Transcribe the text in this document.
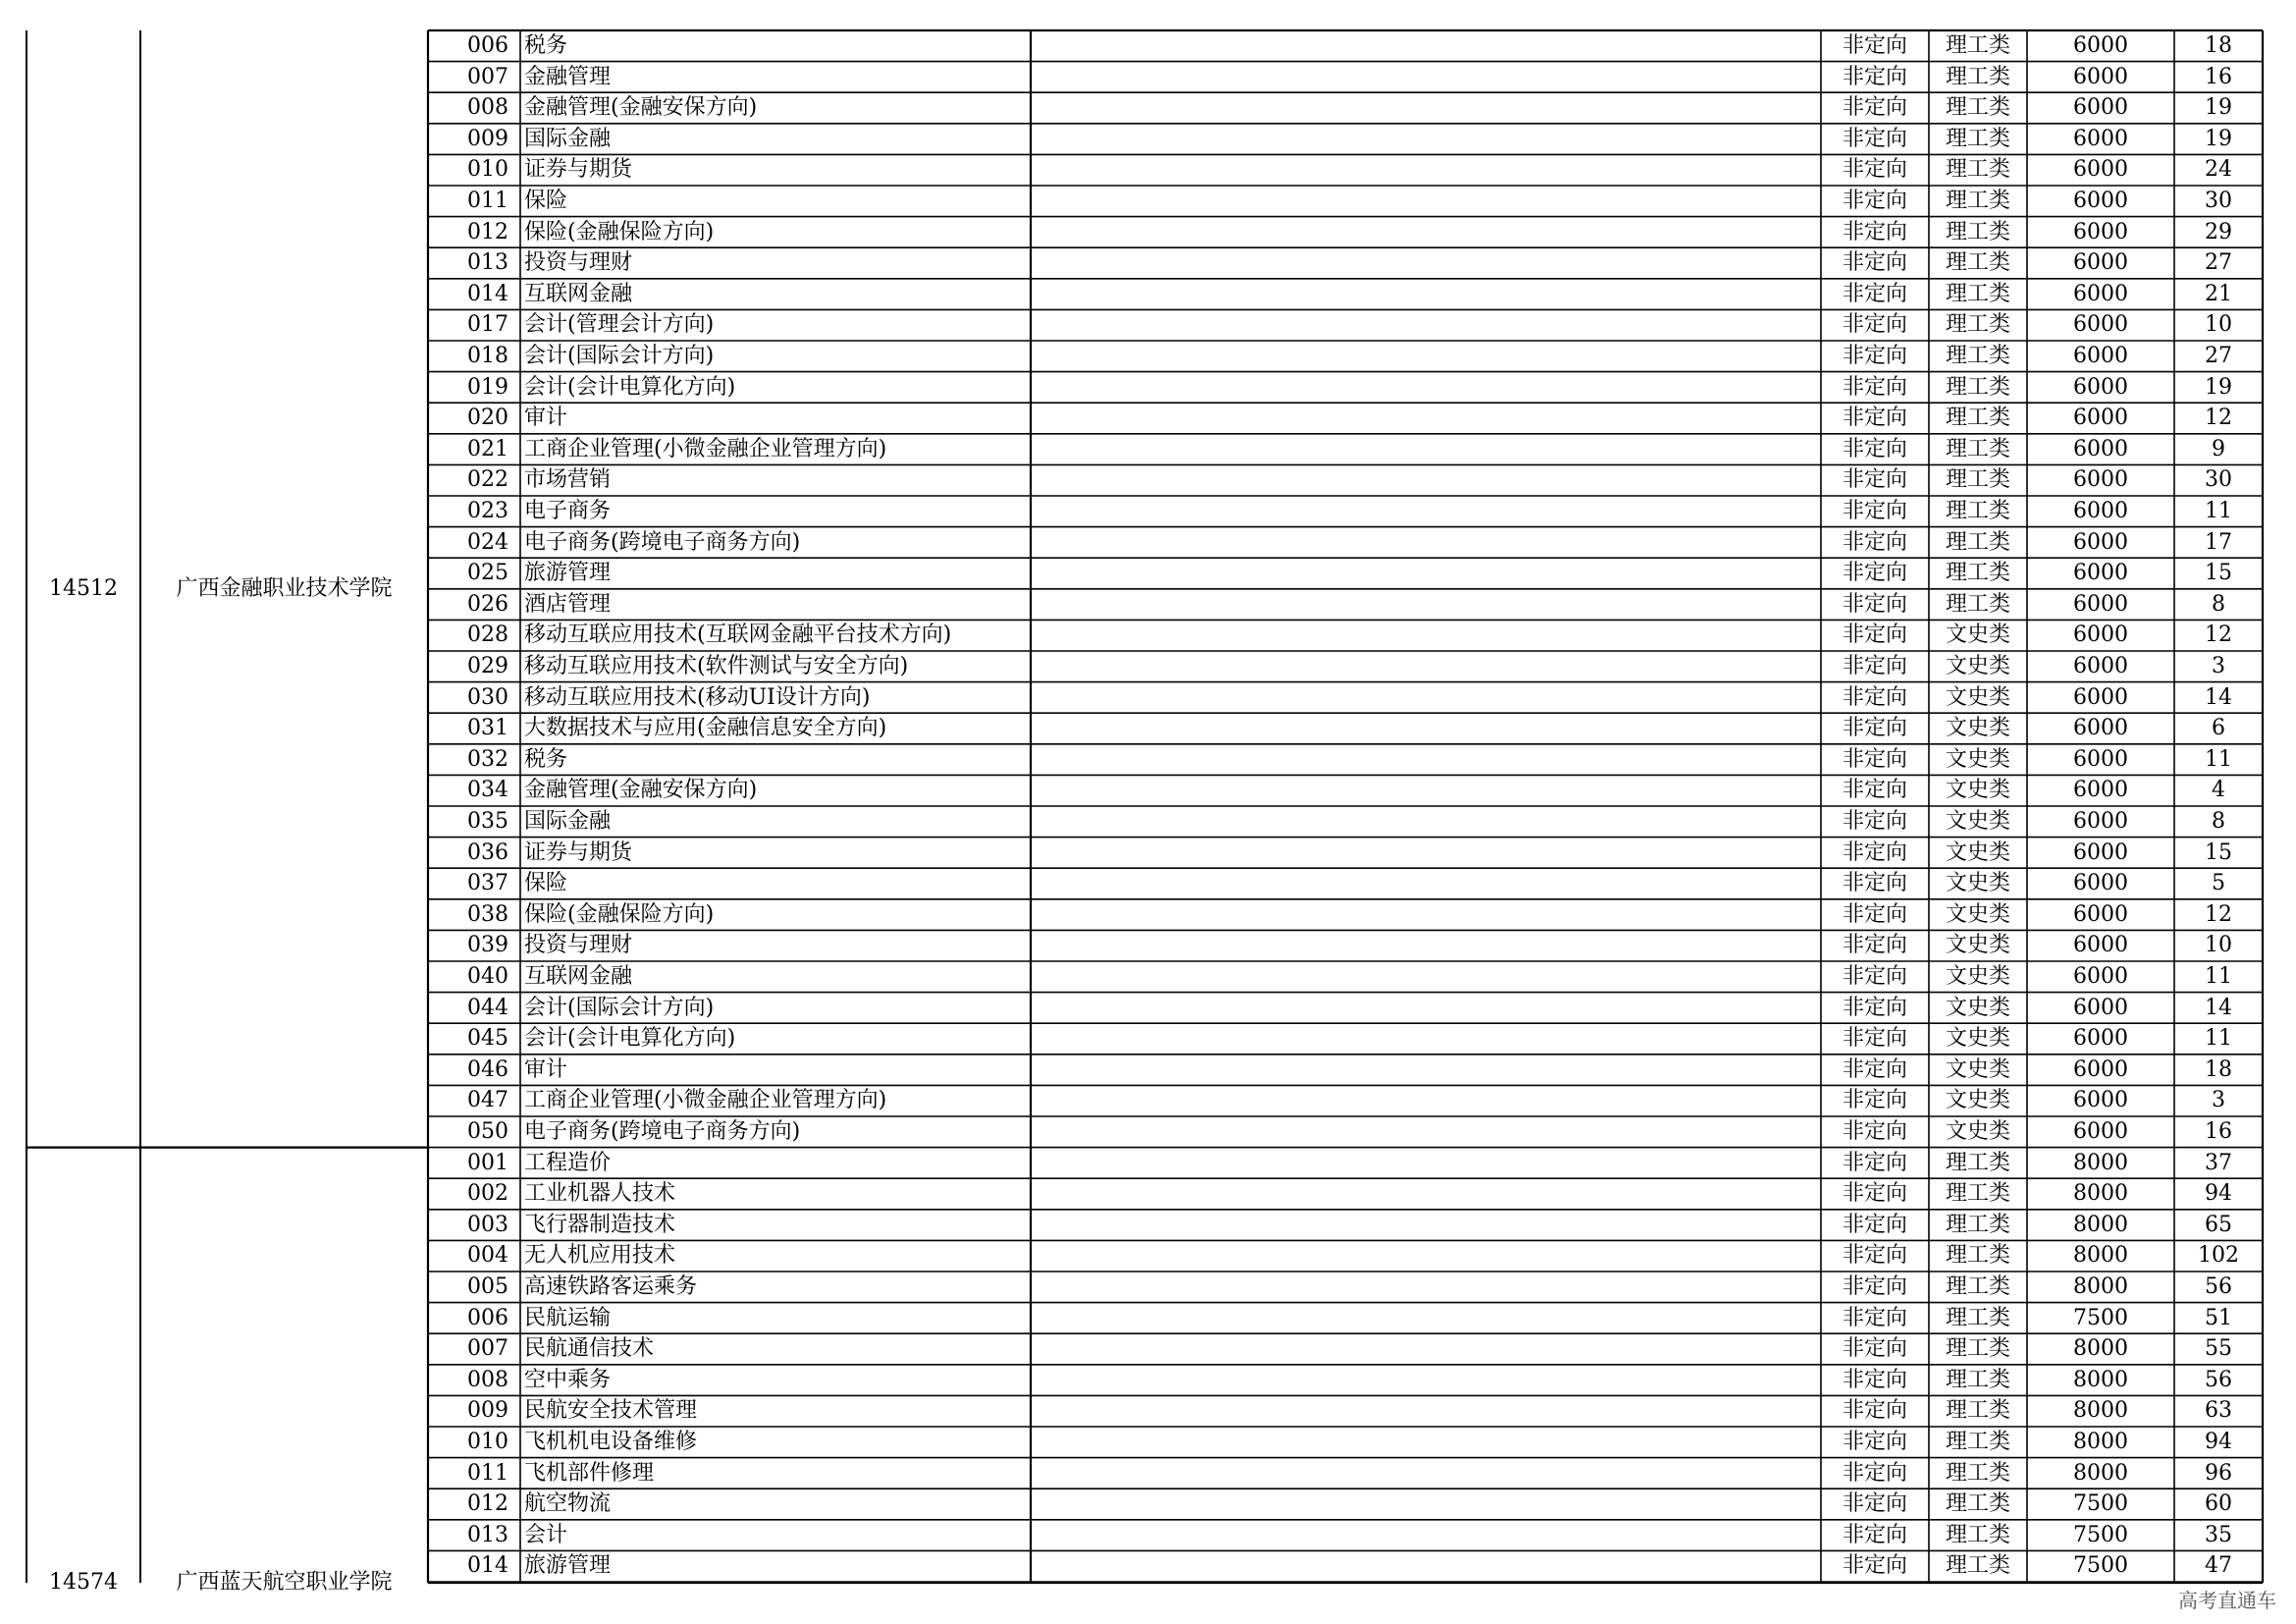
006 税务	非定向	理工类	6000	18
007 金融管理	非定向	理工类	6000	16
008 金融管理(金融安保方向)	非定向	理工类	6000	19
009 国际金融	非定向	理工类	6000	19
010 证券与期货	非定向	理工类	6000	24
011 保险	非定向	理工类	6000	30
012 保险(金融保险方向)	非定向	理工类	6000	29
013 投资与理财	非定向	理工类	6000	27
014 互联网金融	非定向	理工类	6000	21
017 会计(管理会计方向)	非定向	理工类	6000	10
018 会计(国际会计方向)	非定向	理工类	6000	27
019 会计(会计电算化方向)	非定向	理工类	6000	19
020 审计	非定向	理工类	6000	12
021 工商企业管理(小微金融企业管理方向)	非定向	理工类	6000	9
022 市场营销	非定向	理工类	6000	30
023 电子商务	非定向	理工类	6000	11
024 电子商务(跨境电子商务方向)	非定向	理工类	6000	17
025 旅游管理	非定向	理工类	6000	15
026 酒店管理	非定向	理工类	6000	8
028 移动互联应用技术(互联网金融平台技术方向)	非定向	文史类	6000	12
029 移动互联应用技术(软件测试与安全方向)	非定向	文史类	6000	3
030 移动互联应用技术(移动UI设计方向)	非定向	文史类	6000	14
031 大数据技术与应用(金融信息安全方向)	非定向	文史类	6000	6
032 税务	非定向	文史类	6000	11
034 金融管理(金融安保方向)	非定向	文史类	6000	4
035 国际金融	非定向	文史类	6000	8
036 证券与期货	非定向	文史类	6000	15
037 保险	非定向	文史类	6000	5
038 保险(金融保险方向)	非定向	文史类	6000	12
039 投资与理财	非定向	文史类	6000	10
040 互联网金融	非定向	文史类	6000	11
044 会计(国际会计方向)	非定向	文史类	6000	14
045 会计(会计电算化方向)	非定向	文史类	6000	11
046 审计	非定向	文史类	6000	18
047 工商企业管理(小微金融企业管理方向)	非定向	文史类	6000	3
050 电子商务(跨境电子商务方向)	非定向	文史类	6000	16
14512	广西金融职业技术学院
001 工程造价	非定向	理工类	8000	37
002 工业机器人技术	非定向	理工类	8000	94
003 飞行器制造技术	非定向	理工类	8000	65
004 无人机应用技术	非定向	理工类	8000	102
005 高速铁路客运乘务	非定向	理工类	8000	56
006 民航运输	非定向	理工类	7500	51
007 民航通信技术	非定向	理工类	8000	55
008 空中乘务	非定向	理工类	8000	56
009 民航安全技术管理	非定向	理工类	8000	63
010 飞机机电设备维修	非定向	理工类	8000	94
011 飞机部件修理	非定向	理工类	8000	96
012 航空物流	非定向	理工类	7500	60
013 会计	非定向	理工类	7500	35
014 旅游管理	非定向	理工类	7500	47
14574	广西蓝天航空职业学院
高考直通车
